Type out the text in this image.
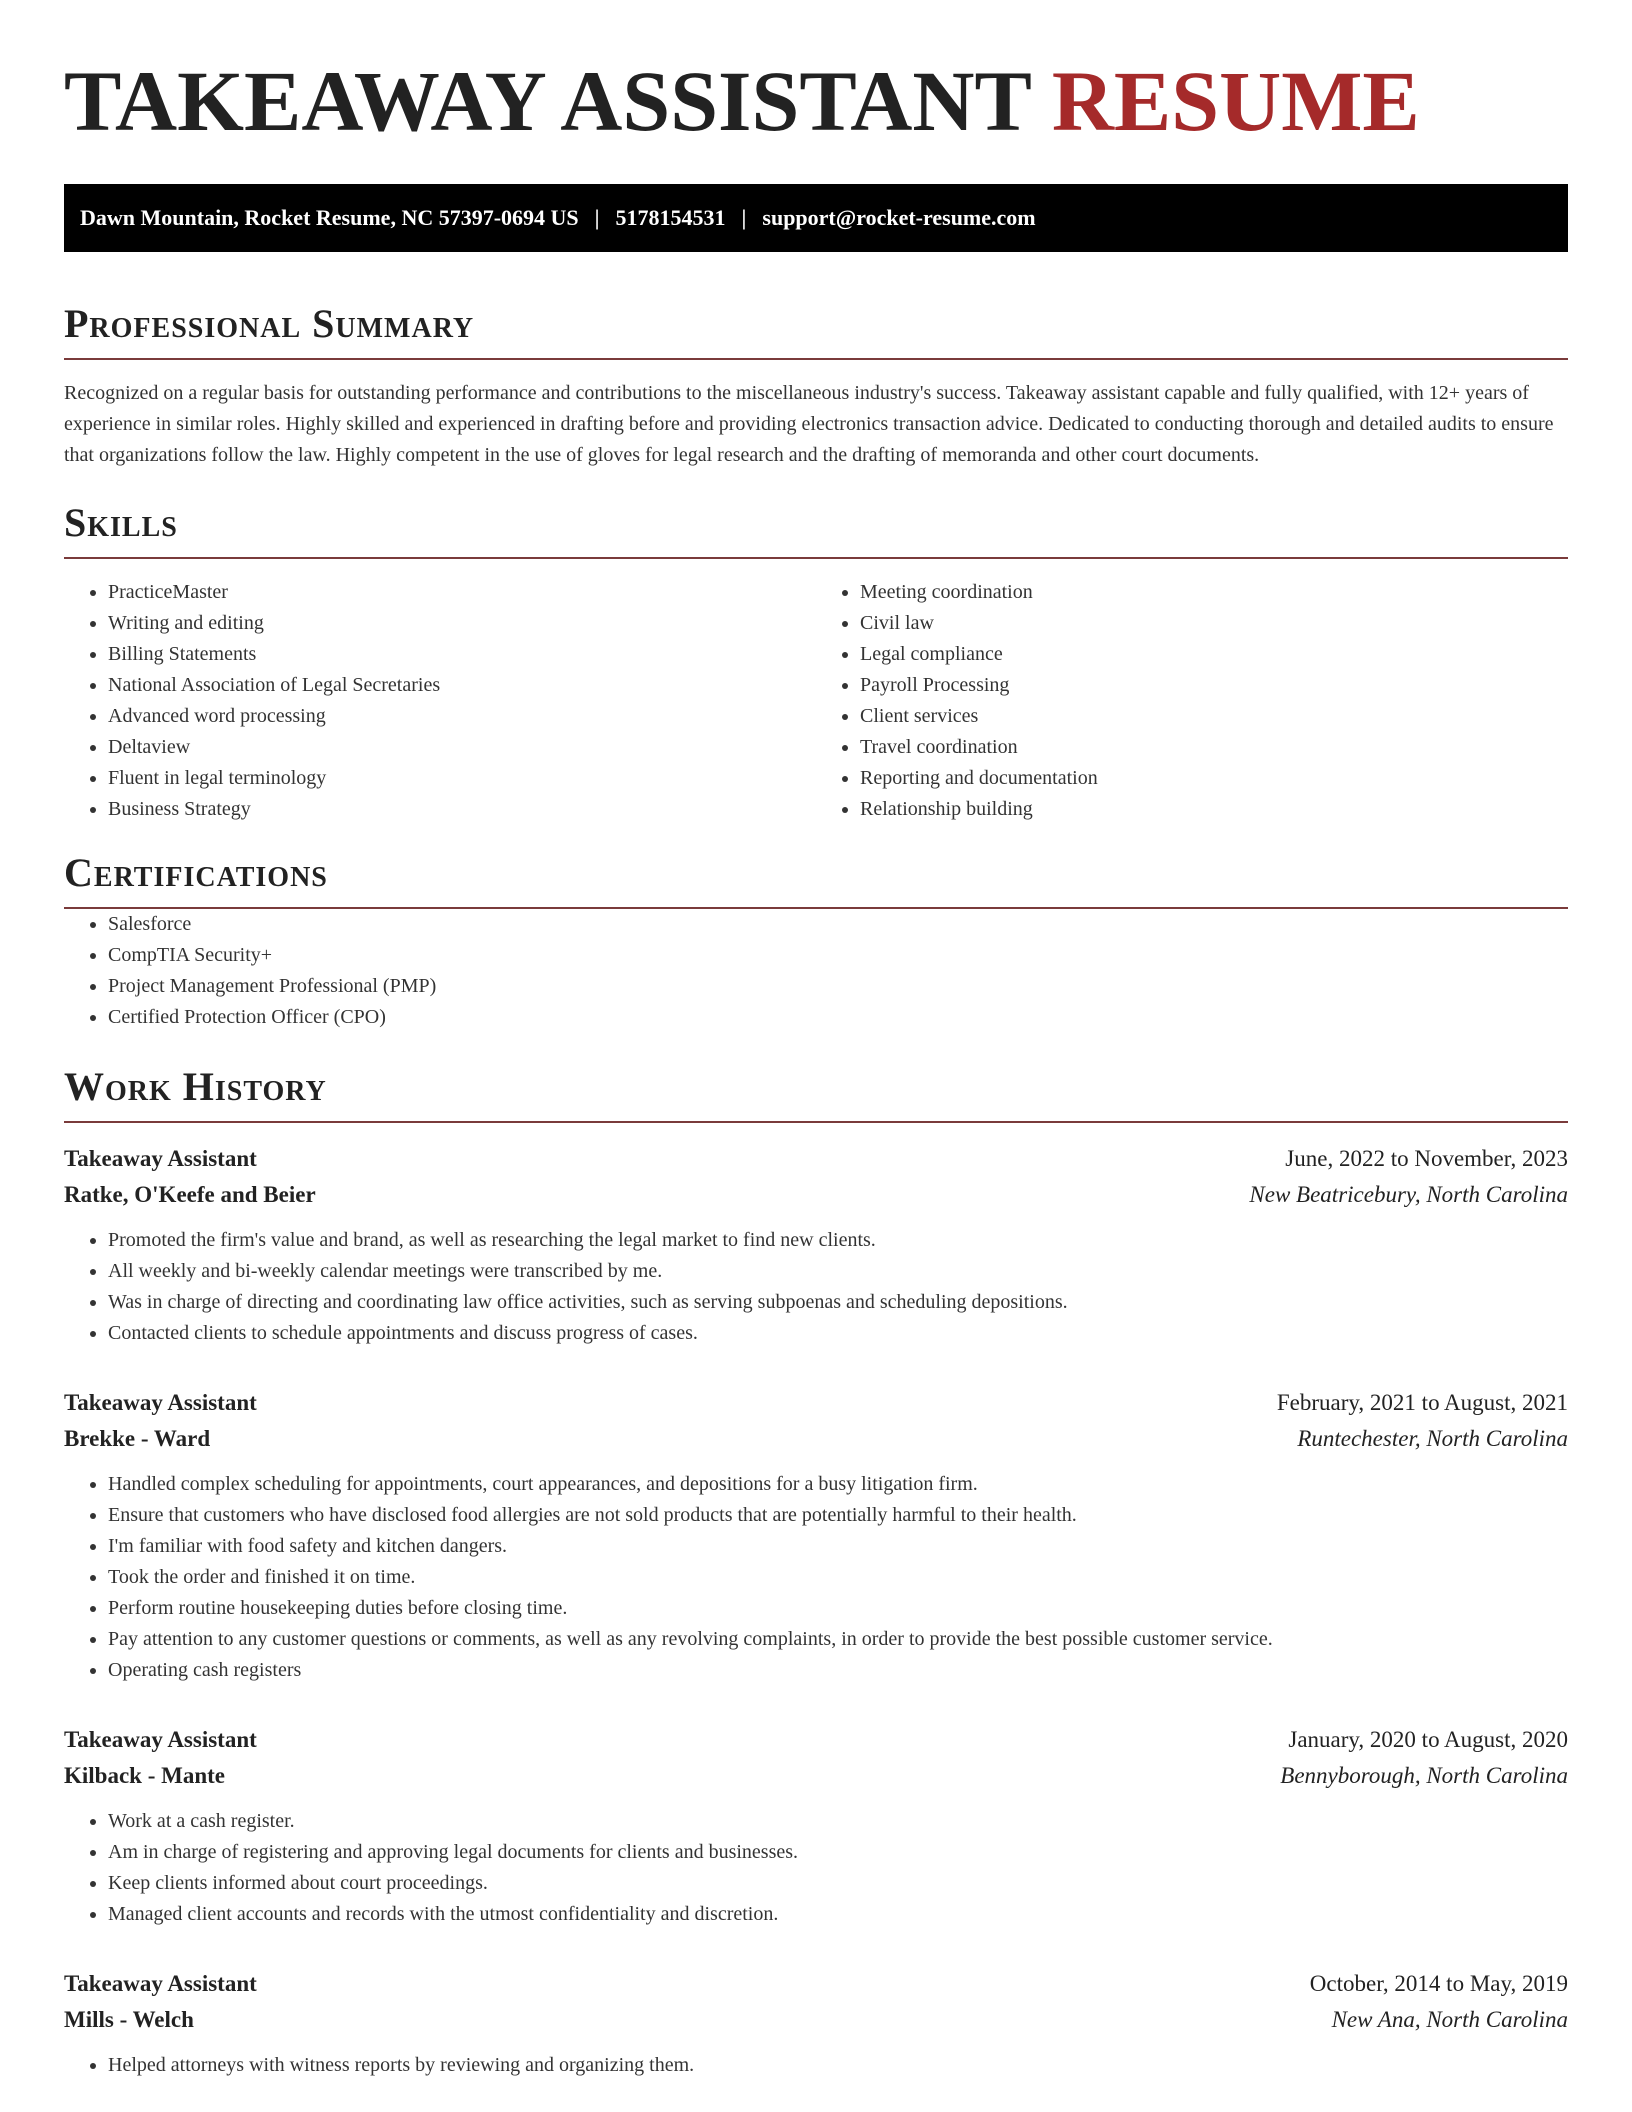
TAKEAWAY ASSISTANT RESUME
Dawn Mountain, Rocket Resume, NC 57397-0694 US | 5178154531 | support@rocket-resume.com
Professional Summary

Recognized on a regular basis for outstanding performance and contributions to the miscellaneous industry's success. Takeaway assistant capable and fully qualified, with 12+ years of experience in similar roles. Highly skilled and experienced in drafting before and providing electronics transaction advice. Dedicated to conducting thorough and detailed audits to ensure that organizations follow the law. Highly competent in the use of gloves for legal research and the drafting of memoranda and other court documents.

Skills
• PracticeMaster
• Writing and editing
• Billing Statements
• National Association of Legal Secretaries
• Advanced word processing
• Deltaview
• Fluent in legal terminology
• Business Strategy
• Meeting coordination
• Civil law
• Legal compliance
• Payroll Processing
• Client services
• Travel coordination
• Reporting and documentation
• Relationship building
Certifications
• Salesforce
• CompTIA Security+
• Project Management Professional (PMP)
• Certified Protection Officer (CPO)
Work History
Takeaway Assistant	June, 2022 to November, 2023
Ratke, O'Keefe and Beier	New Beatricebury, North Carolina
• Promoted the firm's value and brand, as well as researching the legal market to find new clients.
• All weekly and bi-weekly calendar meetings were transcribed by me.
• Was in charge of directing and coordinating law office activities, such as serving subpoenas and scheduling depositions.
• Contacted clients to schedule appointments and discuss progress of cases.
Takeaway Assistant	February, 2021 to August, 2021
Brekke - Ward	Runtechester, North Carolina
• Handled complex scheduling for appointments, court appearances, and depositions for a busy litigation firm.
• Ensure that customers who have disclosed food allergies are not sold products that are potentially harmful to their health.
• I'm familiar with food safety and kitchen dangers.
• Took the order and finished it on time.
• Perform routine housekeeping duties before closing time.
• Pay attention to any customer questions or comments, as well as any revolving complaints, in order to provide the best possible customer service.
• Operating cash registers
Takeaway Assistant	January, 2020 to August, 2020
Kilback - Mante	Bennyborough, North Carolina
• Work at a cash register.
• Am in charge of registering and approving legal documents for clients and businesses.
• Keep clients informed about court proceedings.
• Managed client accounts and records with the utmost confidentiality and discretion.
Takeaway Assistant	October, 2014 to May, 2019
Mills - Welch	New Ana, North Carolina
• Helped attorneys with witness reports by reviewing and organizing them.
